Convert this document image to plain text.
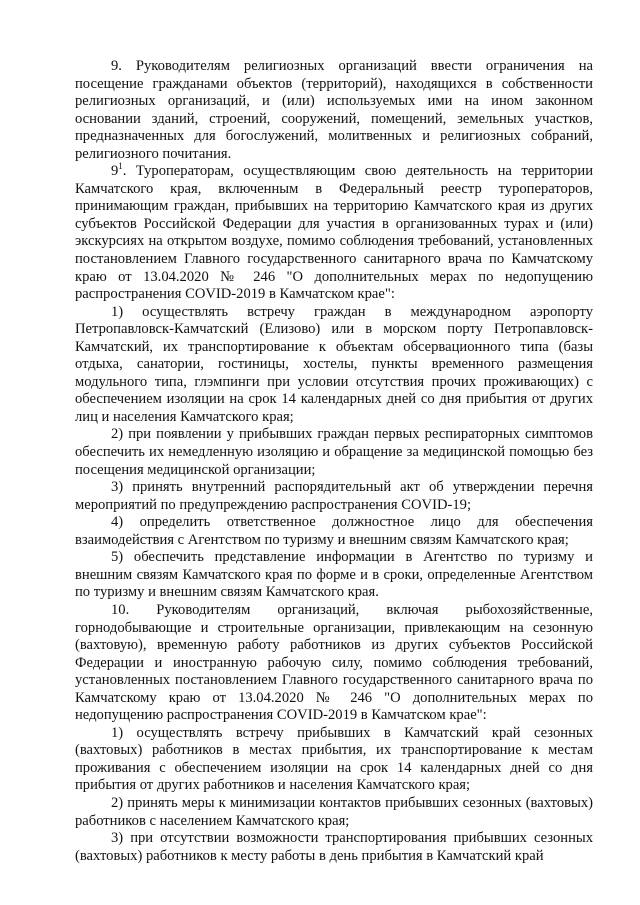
9. Руководителям религиозных организаций ввести ограничения на посещение гражданами объектов (территорий), находящихся в собственности религиозных организаций, и (или) используемых ими на ином законном основании зданий, строений, сооружений, помещений, земельных участков, предназначенных для богослужений, молитвенных и религиозных собраний, религиозного почитания.

$9^1$. Туроператорам, осуществляющим свою деятельность на территории Камчатского края, включенным в Федеральный реестр туроператоров, принимающим граждан, прибывших на территорию Камчатского края из других субъектов Российской Федерации для участия в организованных турах и (или) экскурсиях на открытом воздухе, помимо соблюдения требований, установленных постановлением Главного государственного санитарного врача по Камчатскому краю от 13.04.2020 № 246 "О дополнительных мерах по недопущению распространения COVID-2019 в Камчатском крае":

1) осуществлять встречу граждан в международном аэропорту Петропавловск-Камчатский (Елизово) или в морском порту Петропавловск-Камчатский, их транспортирование к объектам обсервационного типа (базы отдыха, санатории, гостиницы, хостелы, пункты временного размещения модульного типа, глэмпинги при условии отсутствия прочих проживающих) с обеспечением изоляции на срок 14 календарных дней со дня прибытия от других лиц и населения Камчатского края;

2) при появлении у прибывших граждан первых респираторных симптомов обеспечить их немедленную изоляцию и обращение за медицинской помощью без посещения медицинской организации;

3) принять внутренний распорядительный акт об утверждении перечня мероприятий по предупреждению распространения COVID-19;

4) определить ответственное должностное лицо для обеспечения взаимодействия с Агентством по туризму и внешним связям Камчатского края;

5) обеспечить представление информации в Агентство по туризму и внешним связям Камчатского края по форме и в сроки, определенные Агентством по туризму и внешним связям Камчатского края.

10. Руководителям организаций, включая рыбохозяйственные, горнодобывающие и строительные организации, привлекающим на сезонную (вахтовую), временную работу работников из других субъектов Российской Федерации и иностранную рабочую силу, помимо соблюдения требований, установленных постановлением Главного государственного санитарного врача по Камчатскому краю от 13.04.2020 № 246 "О дополнительных мерах по недопущению распространения COVID-2019 в Камчатском крае":

1) осуществлять встречу прибывших в Камчатский край сезонных (вахтовых) работников в местах прибытия, их транспортирование к местам проживания с обеспечением изоляции на срок 14 календарных дней со дня прибытия от других работников и населения Камчатского края;

2) принять меры к минимизации контактов прибывших сезонных (вахтовых) работников с населением Камчатского края;

3) при отсутствии возможности транспортирования прибывших сезонных (вахтовых) работников к месту работы в день прибытия в Камчатский край
